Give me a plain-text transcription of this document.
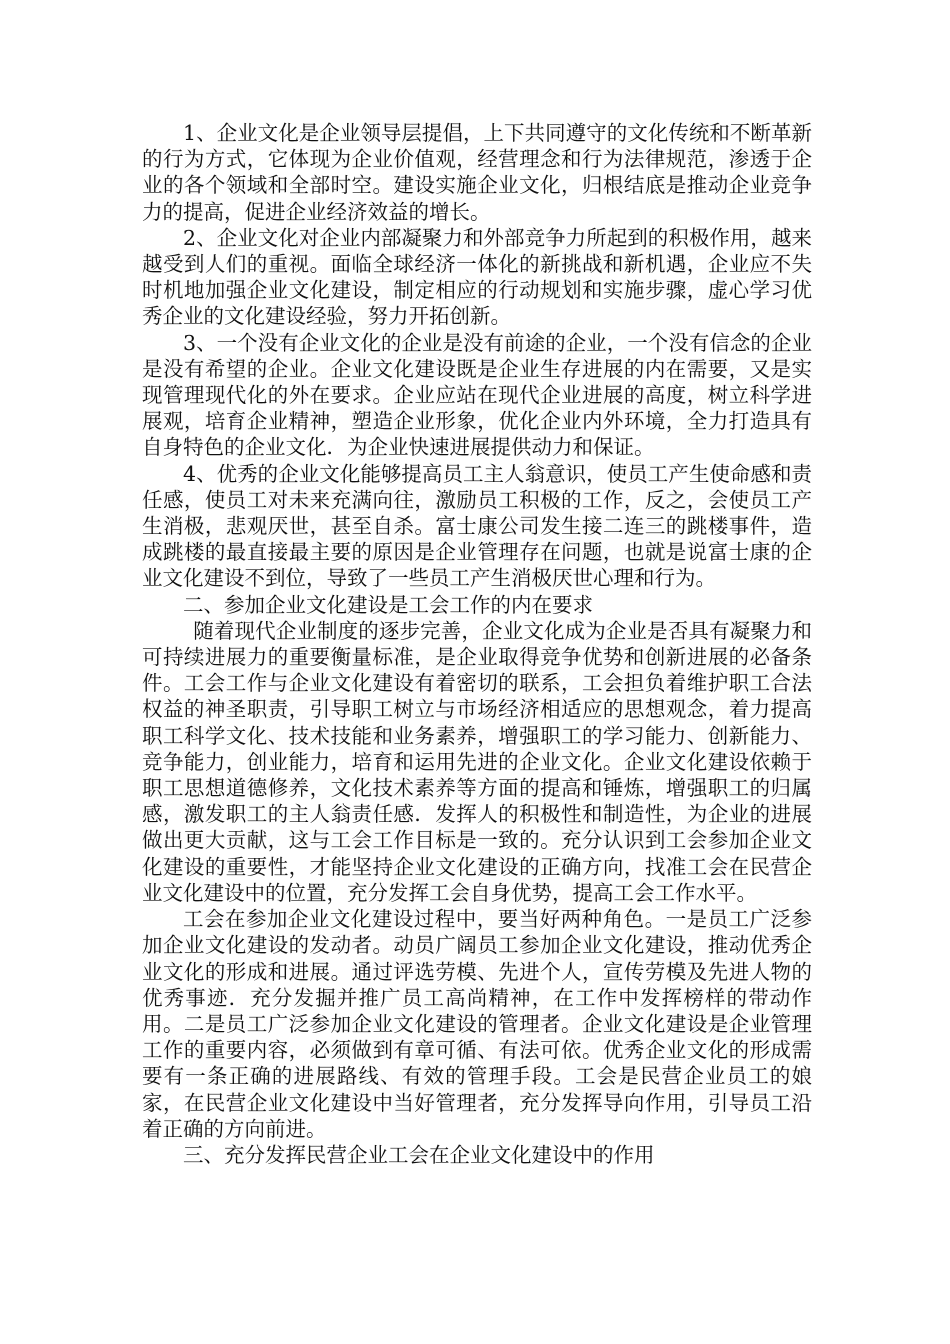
1、企业文化是企业领导层提倡，上下共同遵守的文化传统和不断革新的行为方式，它体现为企业价值观，经营理念和行为法律规范，渗透于企业的各个领域和全部时空。建设实施企业文化，归根结底是推动企业竞争力的提高，促进企业经济效益的增长。

2、企业文化对企业内部凝聚力和外部竞争力所起到的积极作用，越来越受到人们的重视。面临全球经济一体化的新挑战和新机遇，企业应不失时机地加强企业文化建设，制定相应的行动规划和实施步骤，虚心学习优秀企业的文化建设经验，努力开拓创新。

3、一个没有企业文化的企业是没有前途的企业，一个没有信念的企业是没有希望的企业。企业文化建设既是企业生存进展的内在需要，又是实现管理现代化的外在要求。企业应站在现代企业进展的高度，树立科学进展观，培育企业精神，塑造企业形象，优化企业内外环境，全力打造具有自身特色的企业文化．为企业快速进展提供动力和保证。

4、优秀的企业文化能够提高员工主人翁意识，使员工产生使命感和责任感，使员工对未来充满向往，激励员工积极的工作，反之，会使员工产生消极，悲观厌世，甚至自杀。富士康公司发生接二连三的跳楼事件，造成跳楼的最直接最主要的原因是企业管理存在问题，也就是说富士康的企业文化建设不到位，导致了一些员工产生消极厌世心理和行为。

二、参加企业文化建设是工会工作的内在要求

随着现代企业制度的逐步完善，企业文化成为企业是否具有凝聚力和可持续进展力的重要衡量标准，是企业取得竞争优势和创新进展的必备条件。工会工作与企业文化建设有着密切的联系，工会担负着维护职工合法权益的神圣职责，引导职工树立与市场经济相适应的思想观念，着力提高职工科学文化、技术技能和业务素养，增强职工的学习能力、创新能力、竞争能力，创业能力，培育和运用先进的企业文化。企业文化建设依赖于职工思想道德修养，文化技术素养等方面的提高和锤炼，增强职工的归属感，激发职工的主人翁责任感．发挥人的积极性和制造性，为企业的进展做出更大贡献，这与工会工作目标是一致的。充分认识到工会参加企业文化建设的重要性，才能坚持企业文化建设的正确方向，找准工会在民营企业文化建设中的位置，充分发挥工会自身优势，提高工会工作水平。

工会在参加企业文化建设过程中，要当好两种角色。一是员工广泛参加企业文化建设的发动者。动员广阔员工参加企业文化建设，推动优秀企业文化的形成和进展。通过评选劳模、先进个人，宣传劳模及先进人物的优秀事迹．充分发掘并推广员工高尚精神，在工作中发挥榜样的带动作用。二是员工广泛参加企业文化建设的管理者。企业文化建设是企业管理工作的重要内容，必须做到有章可循、有法可依。优秀企业文化的形成需要有一条正确的进展路线、有效的管理手段。工会是民营企业员工的娘家，在民营企业文化建设中当好管理者，充分发挥导向作用，引导员工沿着正确的方向前进。

三、充分发挥民营企业工会在企业文化建设中的作用
